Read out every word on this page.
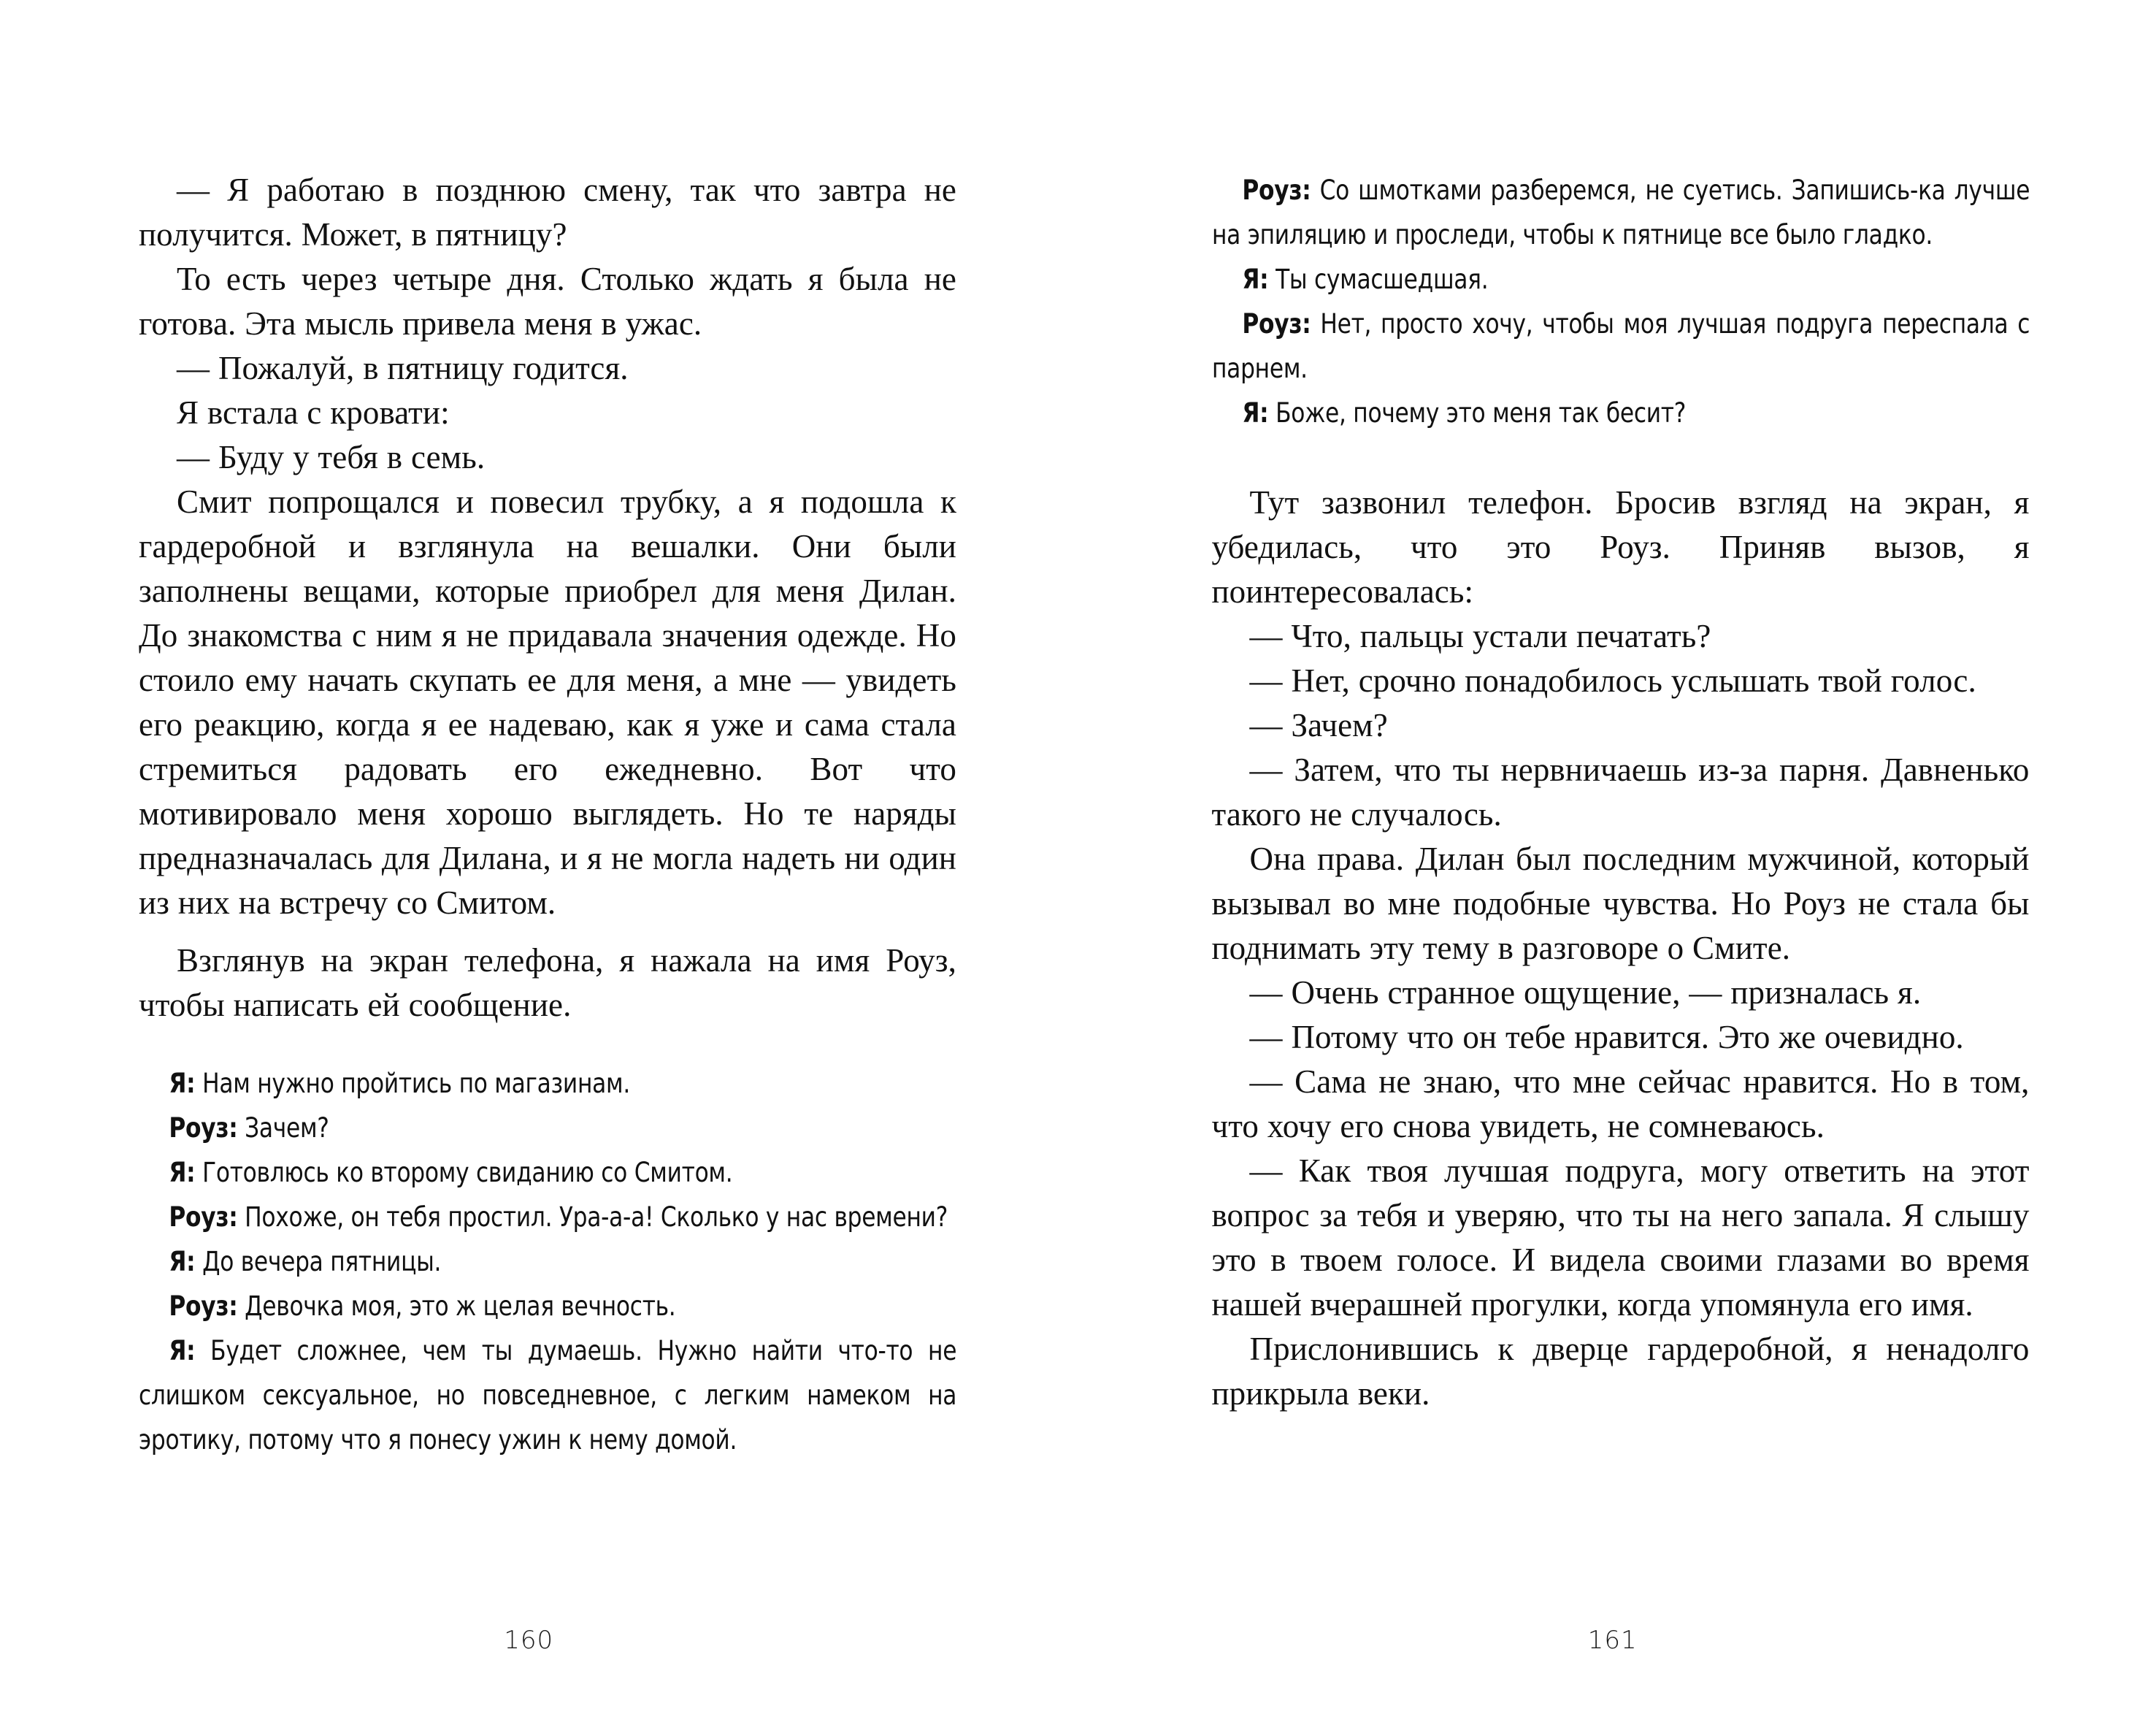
— Я работаю в позднюю смену, так что завтра не получится. Может, в пятницу?

То есть через четыре дня. Столько ждать я была не готова. Эта мысль привела меня в ужас.

— Пожалуй, в пятницу годится.

Я встала с кровати:

— Буду у тебя в семь.

Смит попрощался и повесил трубку, а я подошла к гардеробной и взглянула на вешалки. Они были заполнены вещами, которые приобрел для меня Дилан. До знакомства с ним я не придавала значения одежде. Но стоило ему начать скупать ее для меня, а мне — увидеть его реакцию, когда я ее надеваю, как я уже и сама стала стремиться радовать его ежедневно. Вот что мотивировало меня хорошо выглядеть. Но те наряды предназначалась для Дилана, и я не могла надеть ни один из них на встречу со Смитом.

Взглянув на экран телефона, я нажала на имя Роуз, чтобы написать ей сообщение.

Я: Нам нужно пройтись по магазинам.

Роуз: Зачем?

Я: Готовлюсь ко второму свиданию со Смитом.

Роуз: Похоже, он тебя простил. Ура-а-а! Сколько у нас времени?

Я: До вечера пятницы.

Роуз: Девочка моя, это ж целая вечность.

Я: Будет сложнее, чем ты думаешь. Нужно найти что-то не слишком сексуальное, но повседневное, с легким намеком на эротику, потому что я понесу ужин к нему домой.

160

Роуз: Со шмотками разберемся, не суетись. Запишись-ка лучше на эпиляцию и проследи, чтобы к пятнице все было гладко.

Я: Ты сумасшедшая.

Роуз: Нет, просто хочу, чтобы моя лучшая подруга переспала с парнем.

Я: Боже, почему это меня так бесит?

Тут зазвонил телефон. Бросив взгляд на экран, я убедилась, что это Роуз. Приняв вызов, я поинтересовалась:

— Что, пальцы устали печатать?

— Нет, срочно понадобилось услышать твой голос.

— Зачем?

— Затем, что ты нервничаешь из-за парня. Давненько такого не случалось.

Она права. Дилан был последним мужчиной, который вызывал во мне подобные чувства. Но Роуз не стала бы поднимать эту тему в разговоре о Смите.

— Очень странное ощущение, — призналась я.

— Потому что он тебе нравится. Это же очевидно.

— Сама не знаю, что мне сейчас нравится. Но в том, что хочу его снова увидеть, не сомневаюсь.

— Как твоя лучшая подруга, могу ответить на этот вопрос за тебя и уверяю, что ты на него запала. Я слышу это в твоем голосе. И видела своими глазами во время нашей вчерашней прогулки, когда упомянула его имя.

Прислонившись к дверце гардеробной, я ненадолго прикрыла веки.

161
